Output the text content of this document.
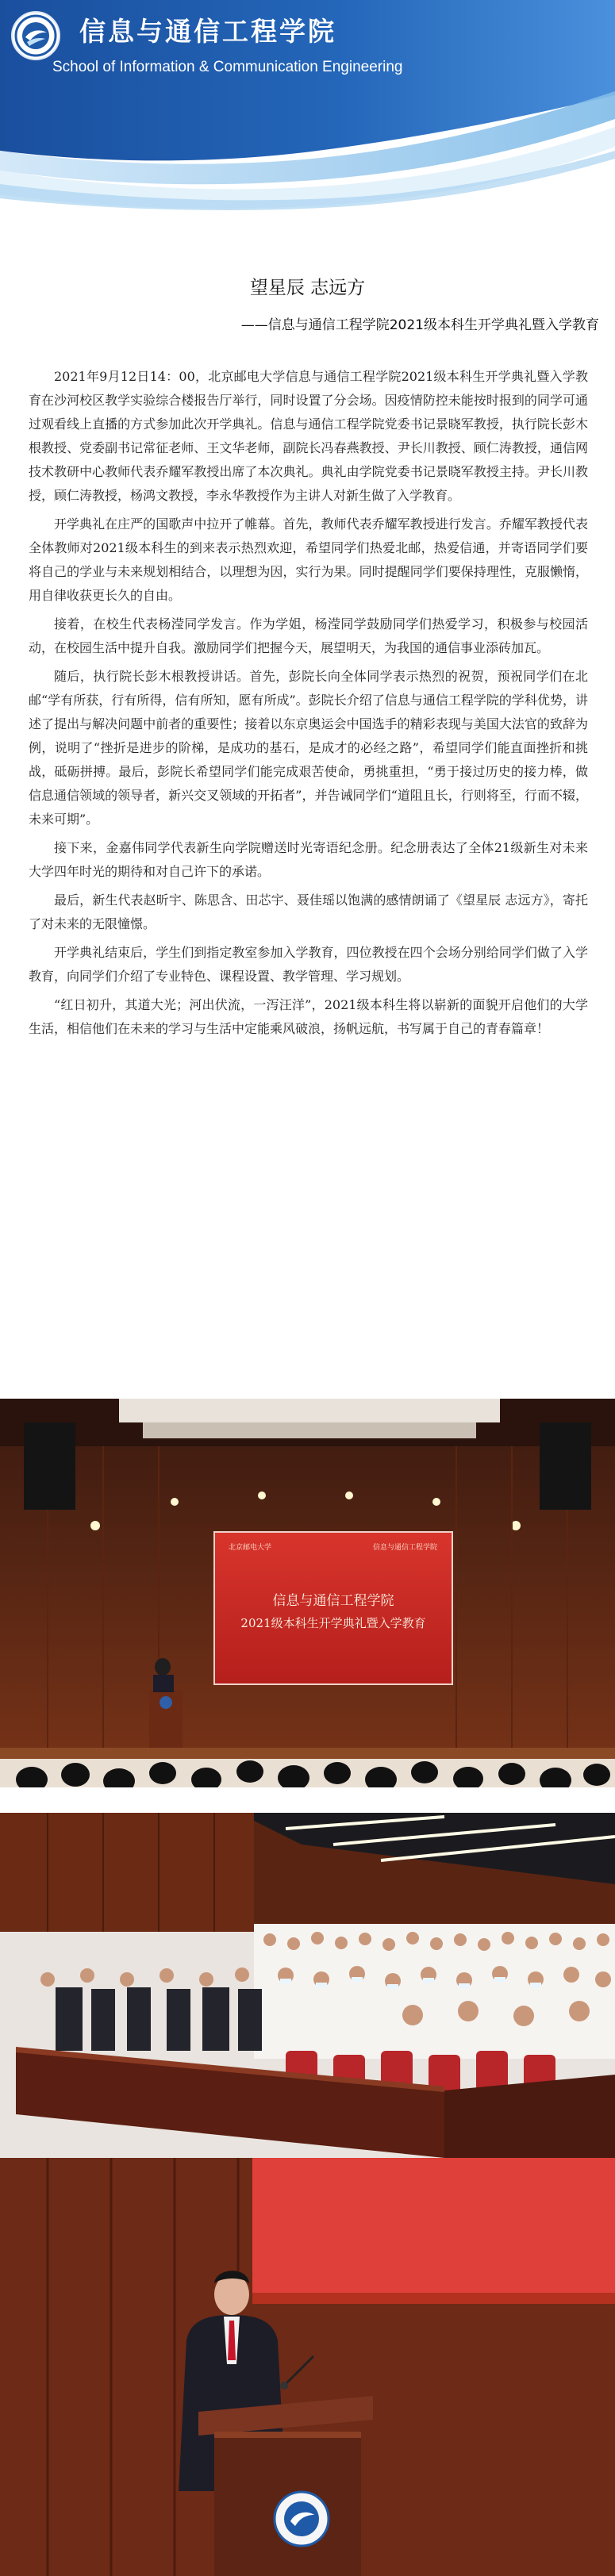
信息与通信工程学院
School of Information & Communication Engineering
望星辰 志远方
——信息与通信工程学院2021级本科生开学典礼暨入学教育

2021年9月12日14：00，北京邮电大学信息与通信工程学院2021级本科生开学典礼暨入学教育在沙河校区教学实验综合楼报告厅举行，同时设置了分会场。因疫情防控未能按时报到的同学可通过观看线上直播的方式参加此次开学典礼。信息与通信工程学院党委书记景晓军教授，执行院长彭木根教授、党委副书记常征老师、王文华老师，副院长冯春燕教授、尹长川教授、顾仁涛教授，通信网技术教研中心教师代表乔耀军教授出席了本次典礼。典礼由学院党委书记景晓军教授主持。尹长川教授，顾仁涛教授，杨鸿文教授，李永华教授作为主讲人对新生做了入学教育。

开学典礼在庄严的国歌声中拉开了帷幕。首先，教师代表乔耀军教授进行发言。乔耀军教授代表全体教师对2021级本科生的到来表示热烈欢迎，希望同学们热爱北邮，热爱信通，并寄语同学们要将自己的学业与未来规划相结合，以理想为因，实行为果。同时提醒同学们要保持理性，克服懒惰，用自律收获更长久的自由。

接着，在校生代表杨滢同学发言。作为学姐，杨滢同学鼓励同学们热爱学习，积极参与校园活动，在校园生活中提升自我。激励同学们把握今天，展望明天，为我国的通信事业添砖加瓦。

随后，执行院长彭木根教授讲话。首先，彭院长向全体同学表示热烈的祝贺，预祝同学们在北邮“学有所获，行有所得，信有所知，愿有所成”。彭院长介绍了信息与通信工程学院的学科优势，讲述了提出与解决问题中前者的重要性；接着以东京奥运会中国选手的精彩表现与美国大法官的致辞为例，说明了“挫折是进步的阶梯，是成功的基石，是成才的必经之路”，希望同学们能直面挫折和挑战，砥砺拼搏。最后，彭院长希望同学们能完成艰苦使命，勇挑重担，“勇于接过历史的接力棒，做信息通信领域的领导者，新兴交叉领域的开拓者”，并告诫同学们“道阻且长，行则将至，行而不辍，未来可期”。

接下来，金嘉伟同学代表新生向学院赠送时光寄语纪念册。纪念册表达了全体21级新生对未来大学四年时光的期待和对自己许下的承诺。

最后，新生代表赵昕宇、陈思含、田芯宇、聂佳瑶以饱满的感情朗诵了《望星辰 志远方》，寄托了对未来的无限憧憬。

开学典礼结束后，学生们到指定教室参加入学教育，四位教授在四个会场分别给同学们做了入学教育，向同学们介绍了专业特色、课程设置、教学管理、学习规划。

“红日初升，其道大光；河出伏流，一泻汪洋”，2021级本科生将以崭新的面貌开启他们的大学生活，相信他们在未来的学习与生活中定能乘风破浪，扬帆远航，书写属于自己的青春篇章！

北京邮电大学	信息与通信工程学院
信息与通信工程学院
2021级本科生开学典礼暨入学教育
